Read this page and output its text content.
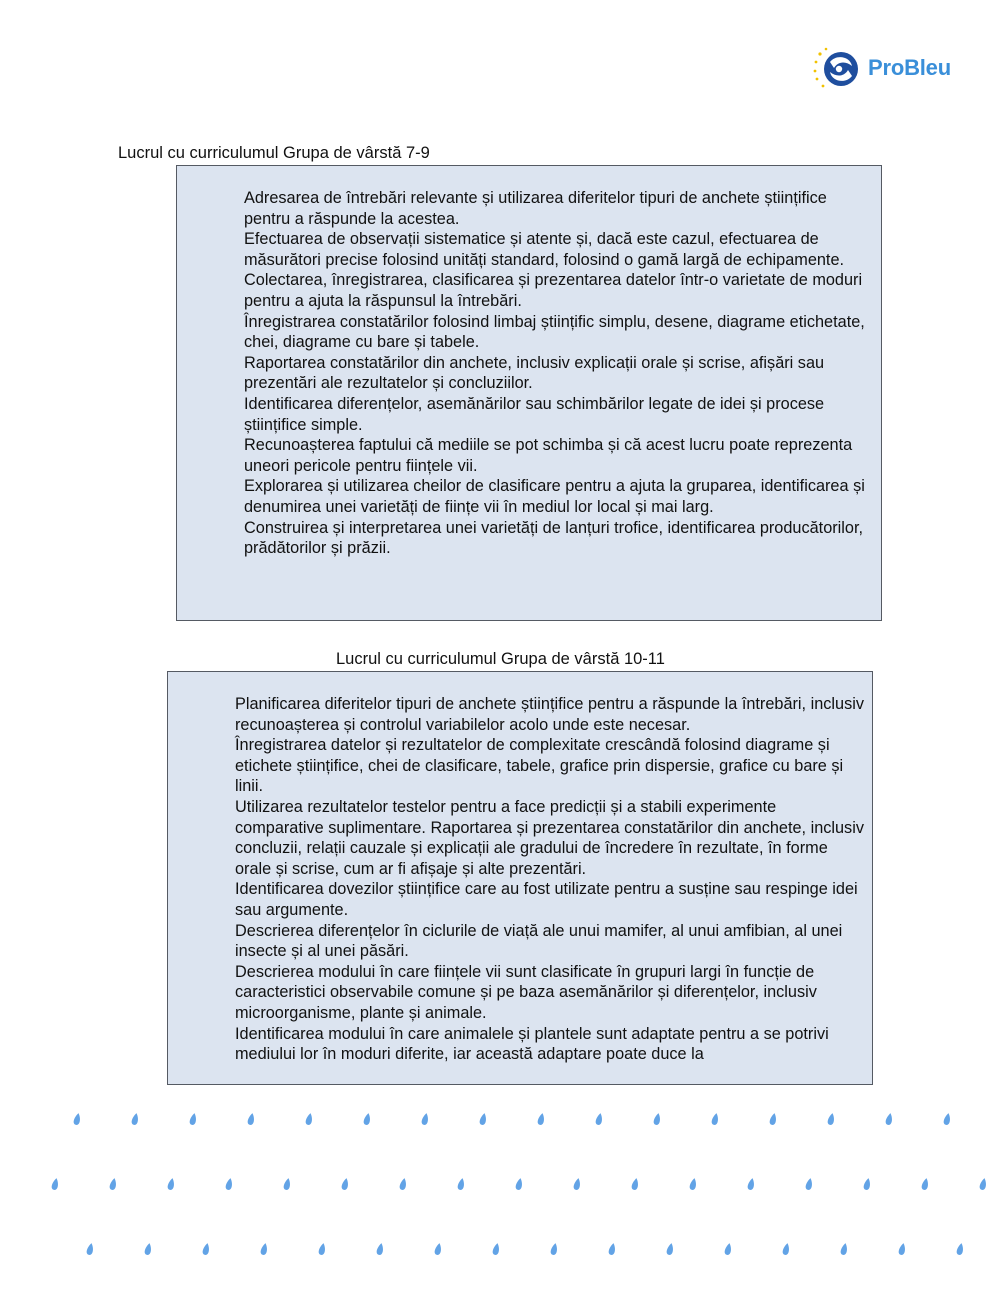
ProBleu
Lucrul cu curriculumul Grupa de vârstă 7-9

Adresarea de întrebări relevante și utilizarea diferitelor tipuri de anchete științifice pentru a răspunde la acestea.

Efectuarea de observații sistematice și atente și, dacă este cazul, efectuarea de măsurători precise folosind unități standard, folosind o gamă largă de echipamente.

Colectarea, înregistrarea, clasificarea și prezentarea datelor într-o varietate de moduri pentru a ajuta la răspunsul la întrebări.

Înregistrarea constatărilor folosind limbaj științific simplu, desene, diagrame etichetate, chei, diagrame cu bare și tabele.

Raportarea constatărilor din anchete, inclusiv explicații orale și scrise, afișări sau prezentări ale rezultatelor și concluziilor.

Identificarea diferențelor, asemănărilor sau schimbărilor legate de idei și procese științifice simple.

Recunoașterea faptului că mediile se pot schimba și că acest lucru poate reprezenta uneori pericole pentru ființele vii.

Explorarea și utilizarea cheilor de clasificare pentru a ajuta la gruparea, identificarea și denumirea unei varietăți de ființe vii în mediul lor local și mai larg.

Construirea și interpretarea unei varietăți de lanțuri trofice, identificarea producătorilor, prădătorilor și prăzii.

Lucrul cu curriculumul Grupa de vârstă 10-11

Planificarea diferitelor tipuri de anchete științifice pentru a răspunde la întrebări, inclusiv recunoașterea și controlul variabilelor acolo unde este necesar.

Înregistrarea datelor și rezultatelor de complexitate crescândă folosind diagrame și etichete științifice, chei de clasificare, tabele, grafice prin dispersie, grafice cu bare și linii.

Utilizarea rezultatelor testelor pentru a face predicții și a stabili experimente comparative suplimentare. Raportarea și prezentarea constatărilor din anchete, inclusiv concluzii, relații cauzale și explicații ale gradului de încredere în rezultate, în forme orale și scrise, cum ar fi afișaje și alte prezentări.

Identificarea dovezilor științifice care au fost utilizate pentru a susține sau respinge idei sau argumente.

Descrierea diferențelor în ciclurile de viață ale unui mamifer, al unui amfibian, al unei insecte și al unei păsări.

Descrierea modului în care ființele vii sunt clasificate în grupuri largi în funcție de caracteristici observabile comune și pe baza asemănărilor și diferențelor, inclusiv microorganisme, plante și animale.

Identificarea modului în care animalele și plantele sunt adaptate pentru a se potrivi mediului lor în moduri diferite, iar această adaptare poate duce la
